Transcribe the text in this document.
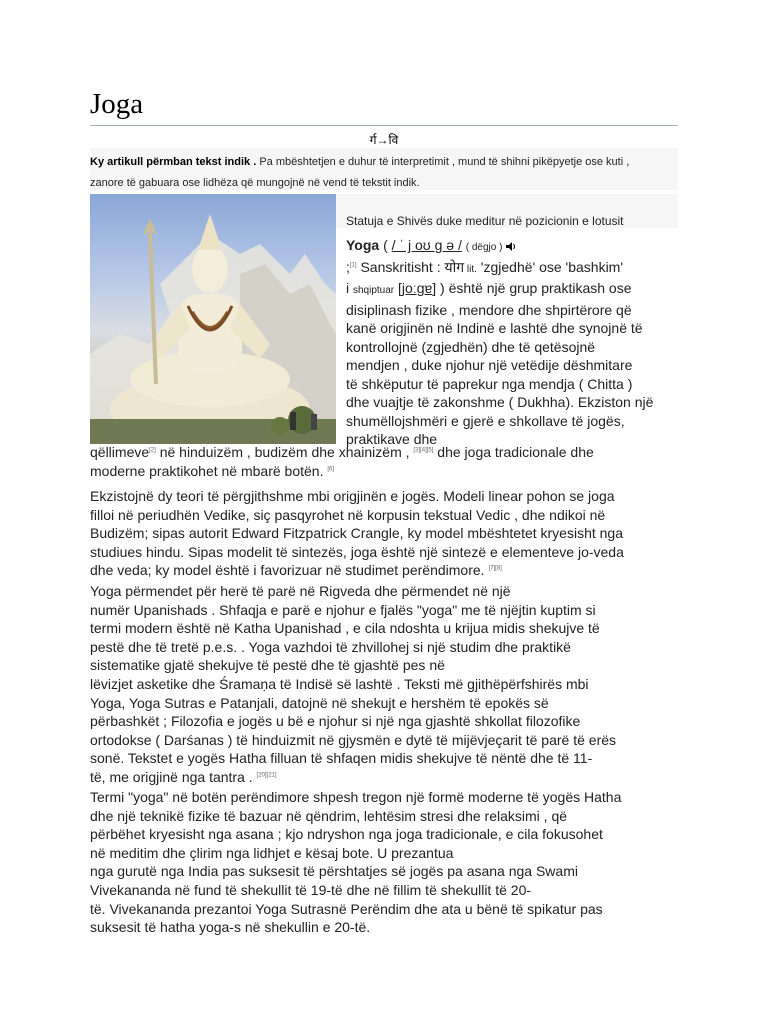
Joga
र्ग→वि
Ky artikull përmban tekst indik . Pa mbështetjen e duhur të interpretimit , mund të shihni pikëpyetje ose kuti ,
zanore të gabuara ose lidhëza që mungojnë në vend të tekstit indik.
Statuja e Shivës duke meditur në pozicionin e lotusit
Yoga ( / ˈ j oʊ ɡ ə / ( dëgjo )
;[1] Sanskritisht : योग lit. 'zgjedhë' ose 'bashkim'
i shqiptuar [joːɡɐ] ) është një grup praktikash ose
disiplinash fizike , mendore dhe shpirtërore që
kanë origjinën në Indinë e lashtë dhe synojnë të
kontrollojnë (zgjedhën) dhe të qetësojnë
mendjen , duke njohur një vetëdije dëshmitare
të shkëputur të paprekur nga mendja ( Chitta )
dhe vuajtje të zakonshme ( Dukhha). Ekziston një
shumëllojshmëri e gjerë e shkollave të jogës,
praktikave dhe
qëllimeve[2] në hinduizëm , budizëm dhe xhainizëm , [3][4][5] dhe joga tradicionale dhe
moderne praktikohet në mbarë botën. [6]
Ekzistojnë dy teori të përgjithshme mbi origjinën e jogës. Modeli linear pohon se joga
filloi në periudhën Vedike, siç pasqyrohet në korpusin tekstual Vedic , dhe ndikoi në
Budizëm; sipas autorit Edward Fitzpatrick Crangle, ky model mbështetet kryesisht nga
studiues hindu. Sipas modelit të sintezës, joga është një sintezë e elementeve jo-veda
dhe veda; ky model është i favorizuar në studimet perëndimore. [7][8]
Yoga përmendet për herë të parë në Rigveda dhe përmendet në një
numër Upanishads . Shfaqja e parë e njohur e fjalës "yoga" me të njëjtin kuptim si
termi modern është në Katha Upanishad , e cila ndoshta u krijua midis shekujve të
pestë dhe të tretë p.e.s. . Yoga vazhdoi të zhvillohej si një studim dhe praktikë
sistematike gjatë shekujve të pestë dhe të gjashtë pes në
lëvizjet asketike dhe Śramaṇa të Indisë së lashtë . Teksti më gjithëpërfshirës mbi
Yoga, Yoga Sutras e Patanjali, datojnë në shekujt e hershëm të epokës së
përbashkët ; Filozofia e jogës u bë e njohur si një nga gjashtë shkollat filozofike
ortodokse ( Darśanas ) të hinduizmit në gjysmën e dytë të mijëvjeçarit të parë të erës
sonë. Tekstet e yogës Hatha filluan të shfaqen midis shekujve të nëntë dhe të 11-
të, me origjinë nga tantra . [20][21]
Termi "yoga" në botën perëndimore shpesh tregon një formë moderne të yogës Hatha
dhe një teknikë fizike të bazuar në qëndrim, lehtësim stresi dhe relaksimi , që
përbëhet kryesisht nga asana ; kjo ndryshon nga joga tradicionale, e cila fokusohet
në meditim dhe çlirim nga lidhjet e kësaj bote. U prezantua
nga gurutë nga India pas suksesit të përshtatjes së jogës pa asana nga Swami
Vivekananda në fund të shekullit të 19-të dhe në fillim të shekullit të 20-
të. Vivekananda prezantoi Yoga Sutrasnë Perëndim dhe ata u bënë të spikatur pas
suksesit të hatha yoga-s në shekullin e 20-të.
